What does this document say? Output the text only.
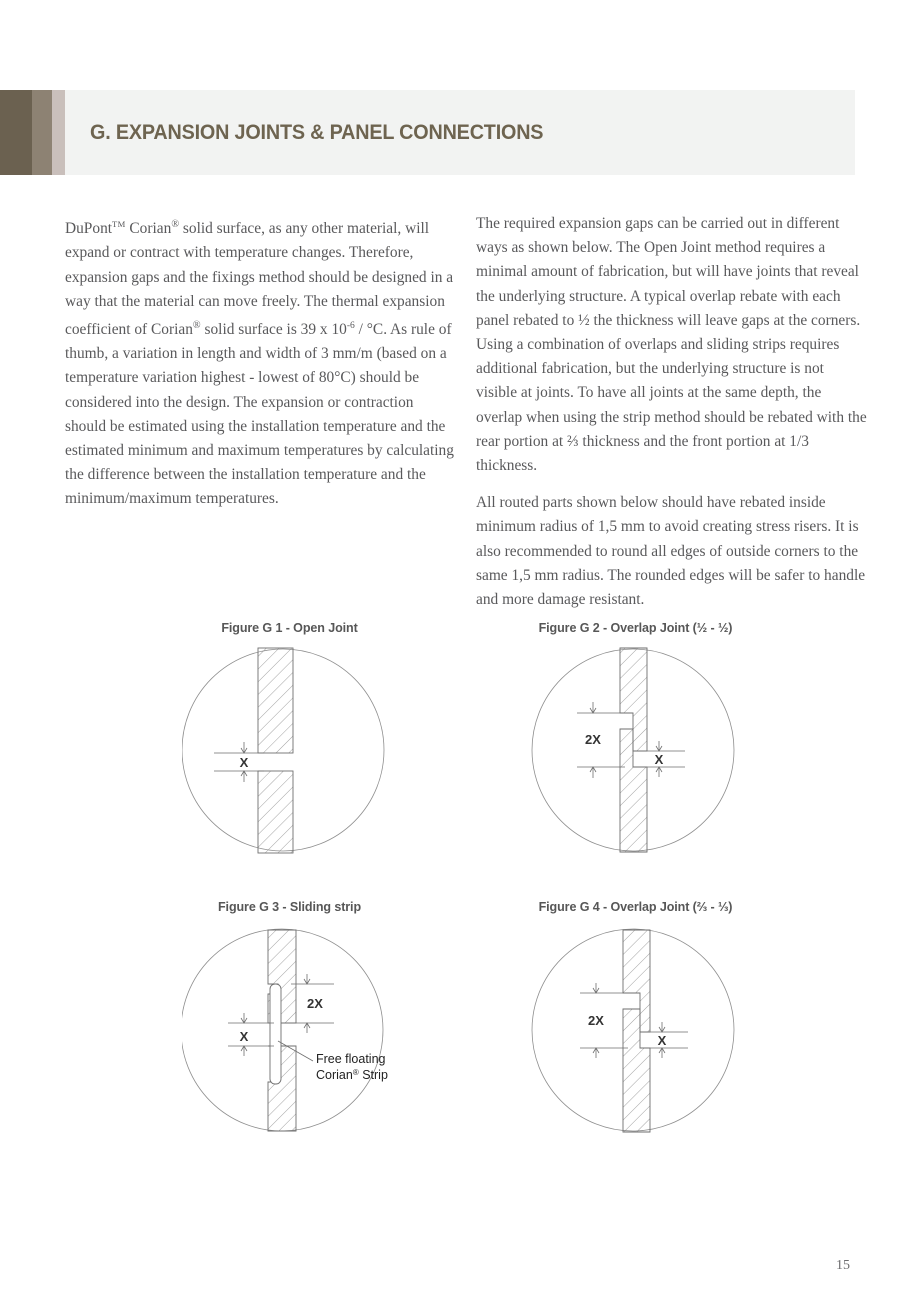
G. EXPANSION JOINTS & PANEL CONNECTIONS

DuPont™ Corian® solid surface, as any other material, will expand or contract with temperature changes. Therefore, expansion gaps and the fixings method should be designed in a way that the material can move freely. The thermal expansion coefficient of Corian® solid surface is 39 x $10^{-6} / ^\circ C$. As rule of thumb, a variation in length and width of 3 mm/m (based on a temperature variation highest - lowest of 80°C) should be considered into the design. The expansion or contraction should be estimated using the installation temperature and the estimated minimum and maximum temperatures by calculating the difference between the installation temperature and the minimum/maximum temperatures.

The required expansion gaps can be carried out in different ways as shown below. The Open Joint method requires a minimal amount of fabrication, but will have joints that reveal the underlying structure. A typical overlap rebate with each panel rebated to ½ the thickness will leave gaps at the corners. Using a combination of overlaps and sliding strips requires additional fabrication, but the underlying structure is not visible at joints. To have all joints at the same depth, the overlap when using the strip method should be rebated with the rear portion at ⅔ thickness and the front portion at 1/3 thickness.

All routed parts shown below should have rebated inside minimum radius of 1,5 mm to avoid creating stress risers. It is also recommended to round all edges of outside corners to the same 1,5 mm radius. The rounded edges will be safer to handle and more damage resistant.

Figure G 1 - Open Joint
X
Figure G 2 - Overlap Joint (½ - ½)
2X
X
Figure G 3 - Sliding strip
2X
X
Free floating
Corian® Strip
Figure G 4 - Overlap Joint (⅔ - ⅓)
2X
X
15
